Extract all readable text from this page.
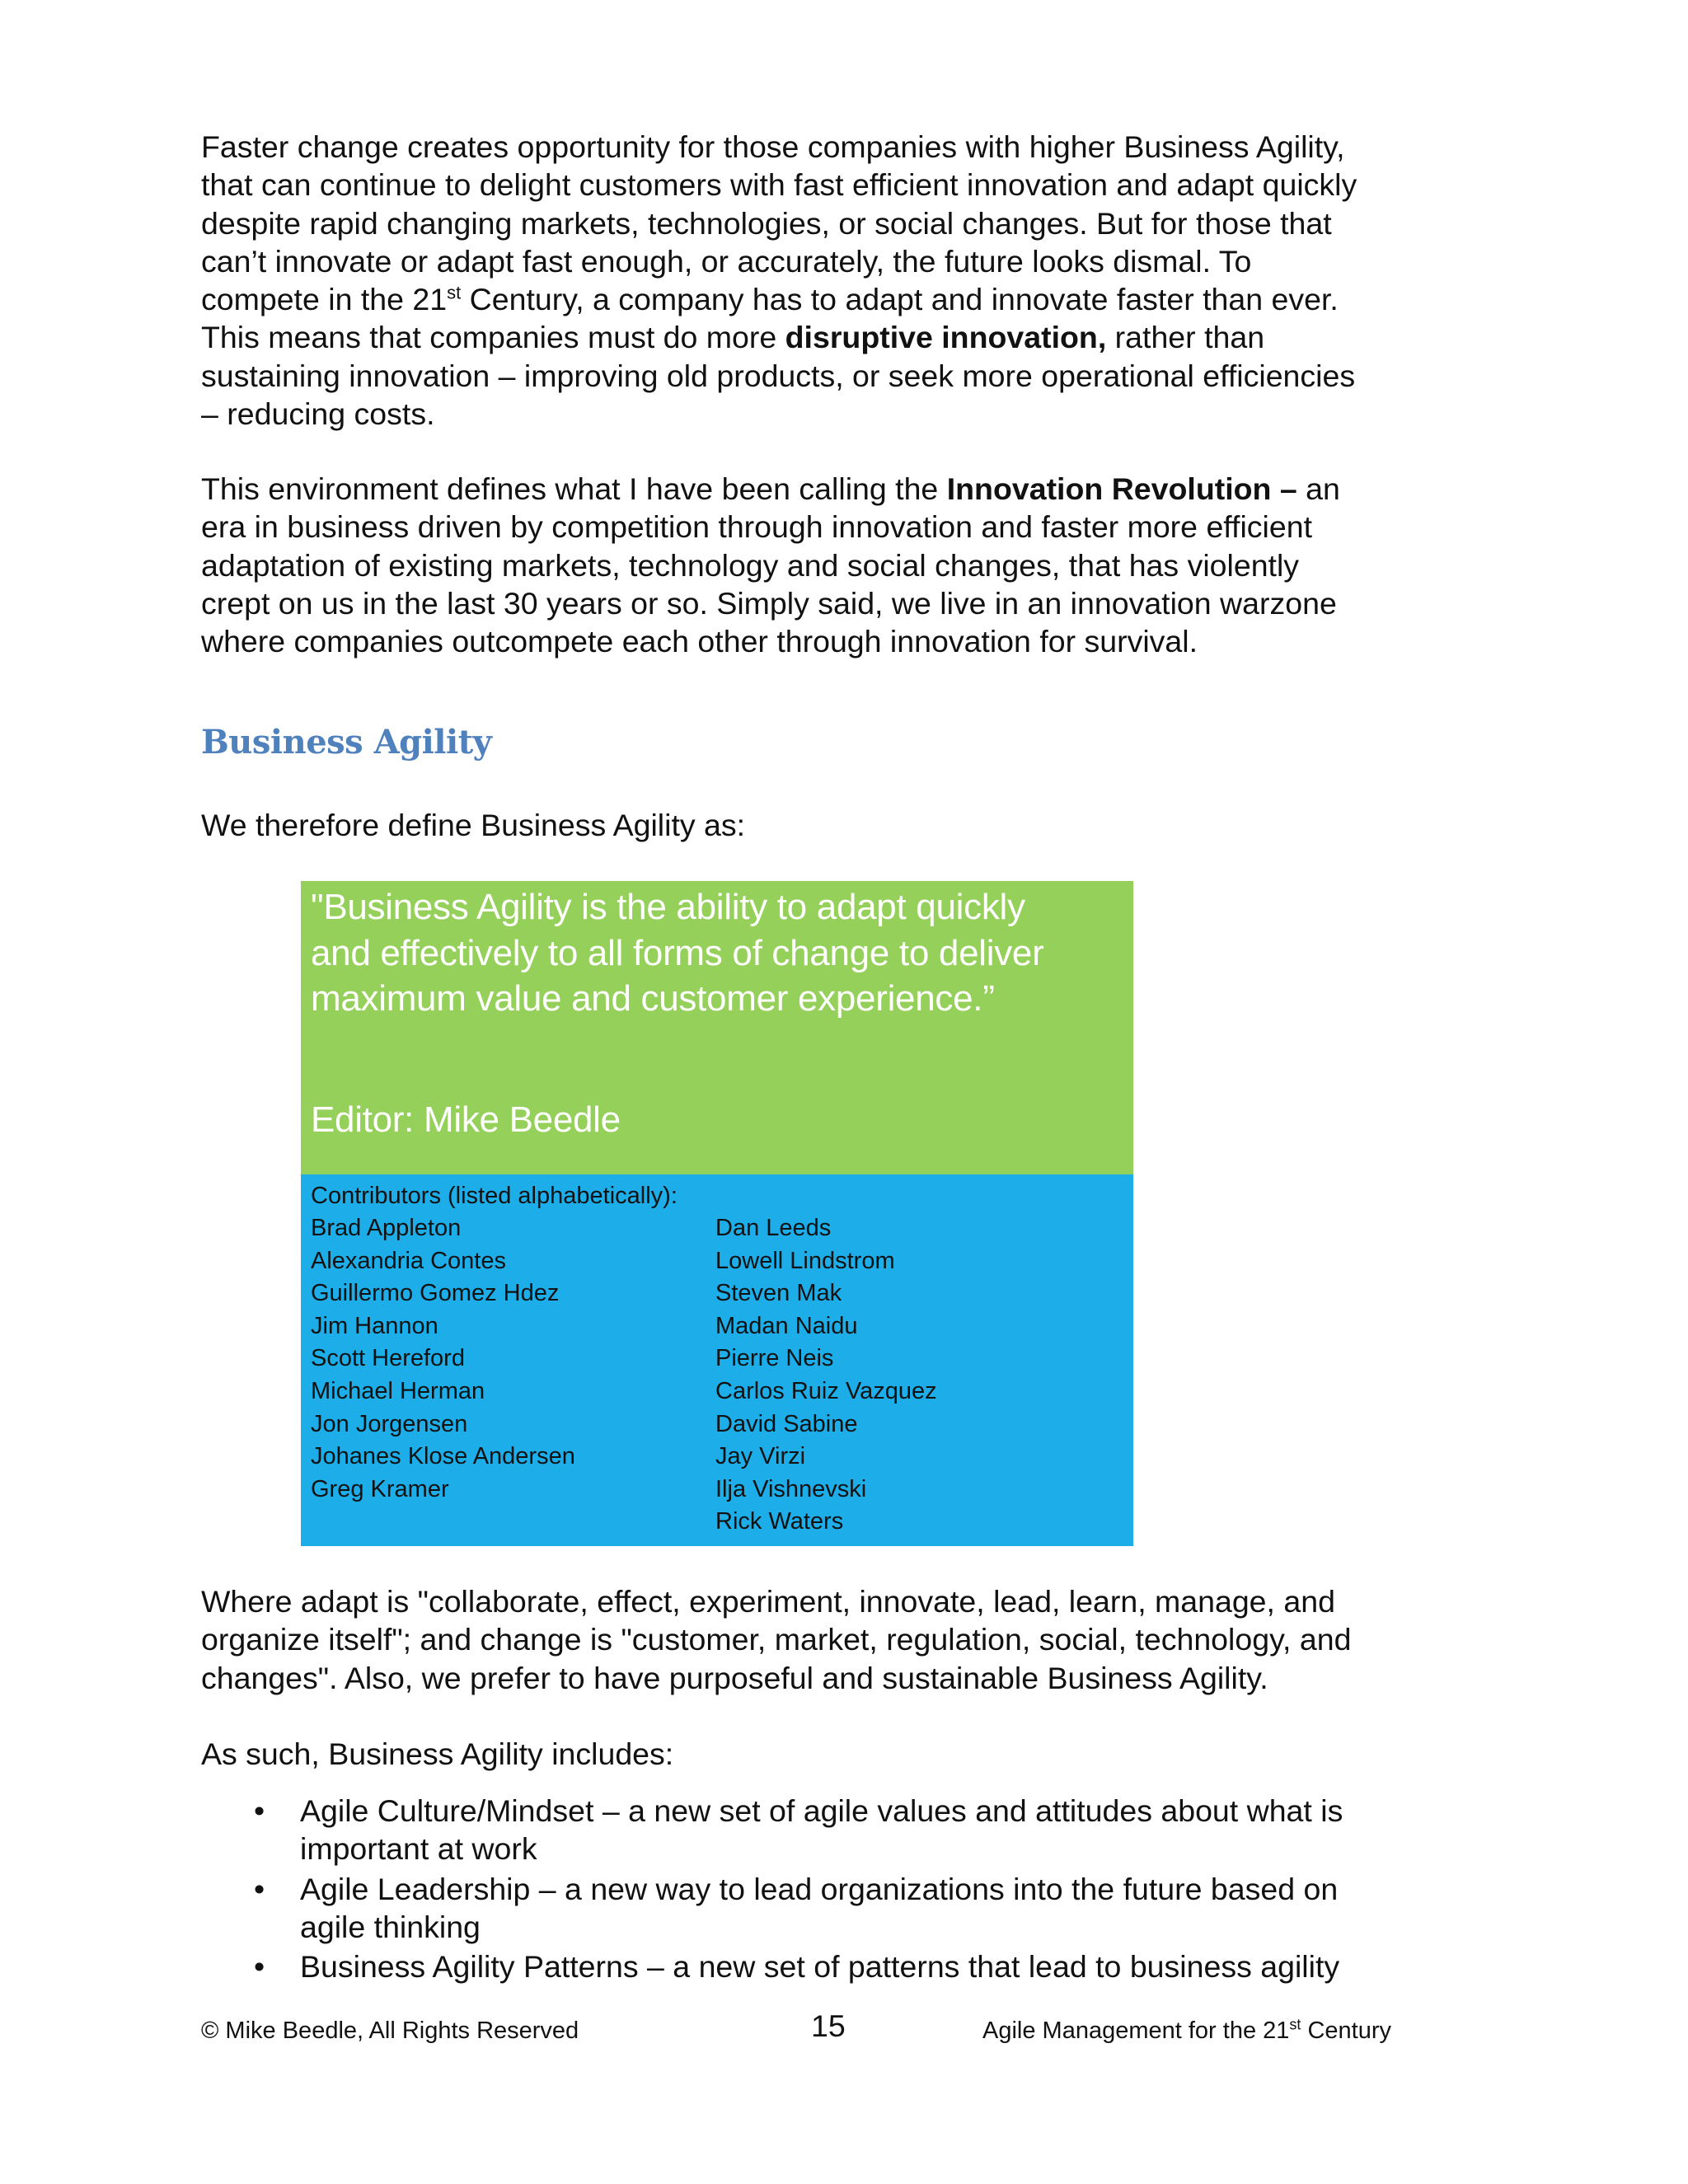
Faster change creates opportunity for those companies with higher Business Agility,
that can continue to delight customers with fast efficient innovation and adapt quickly
despite rapid changing markets, technologies, or social changes. But for those that
can’t innovate or adapt fast enough, or accurately, the future looks dismal. To
compete in the 21st Century, a company has to adapt and innovate faster than ever.
This means that companies must do more disruptive innovation, rather than
sustaining innovation – improving old products, or seek more operational efficiencies
– reducing costs.

This environment defines what I have been calling the Innovation Revolution – an
era in business driven by competition through innovation and faster more efficient
adaptation of existing markets, technology and social changes, that has violently
crept on us in the last 30 years or so. Simply said, we live in an innovation warzone
where companies outcompete each other through innovation for survival.

Business Agility

We therefore define Business Agility as:

"Business Agility is the ability to adapt quickly
and effectively to all forms of change to deliver
maximum value and customer experience.”
Editor: Mike Beedle
Contributors (listed alphabetically):
Brad Appleton
Alexandria Contes
Guillermo Gomez Hdez
Jim Hannon
Scott Hereford
Michael Herman
Jon Jorgensen
Johanes Klose Andersen
Greg Kramer
Dan Leeds
Lowell Lindstrom
Steven Mak
Madan Naidu
Pierre Neis
Carlos Ruiz Vazquez
David Sabine
Jay Virzi
Ilja Vishnevski
Rick Waters

Where adapt is "collaborate, effect, experiment, innovate, lead, learn, manage, and
organize itself"; and change is "customer, market, regulation, social, technology, and
changes". Also, we prefer to have purposeful and sustainable Business Agility.

As such, Business Agility includes:

• Agile Culture/Mindset – a new set of agile values and attitudes about what is
important at work
• Agile Leadership – a new way to lead organizations into the future based on
agile thinking
• Business Agility Patterns – a new set of patterns that lead to business agility
© Mike Beedle, All Rights Reserved	15	Agile Management for the 21st Century
